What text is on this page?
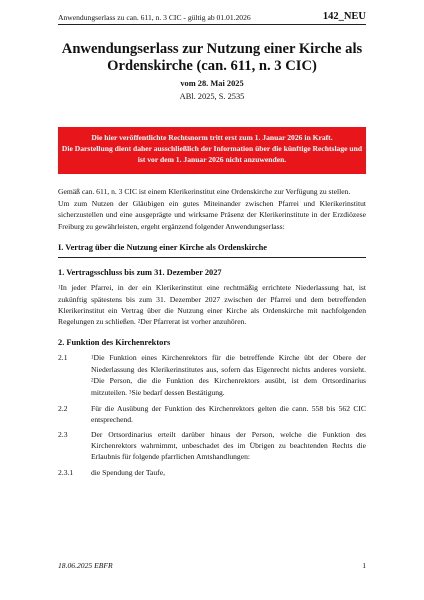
Anwendungserlass zu can. 611, n. 3 CIC - gültig ab 01.01.2026	142_NEU
Anwendungserlass zur Nutzung einer Kirche als
Ordenskirche (can. 611, n. 3 CIC)
vom 28. Mai 2025
ABl. 2025, S. 2535

Die hier veröffentlichte Rechtsnorm tritt erst zum 1. Januar 2026 in Kraft.

Die Darstellung dient daher ausschließlich der Information über die künftige Rechtslage und ist vor dem 1. Januar 2026 nicht anzuwenden.

Gemäß can. 611, n. 3 CIC ist einem Klerikerinstitut eine Ordenskirche zur Verfügung zu stellen.

Um zum Nutzen der Gläubigen ein gutes Miteinander zwischen Pfarrei und Klerikerinstitut sicherzustellen und eine ausgeprägte und wirksame Präsenz der Klerikerinstitute in der Erzdiözese Freiburg zu gewährleisten, ergeht ergänzend folgender Anwendungserlass:

I. Vertrag über die Nutzung einer Kirche als Ordenskirche
1. Vertragsschluss bis zum 31. Dezember 2027

$^1$In jeder Pfarrei, in der ein Klerikerinstitut eine rechtmäßig errichtete Niederlassung hat, ist zukünftig spätestens bis zum 31. Dezember 2027 zwischen der Pfarrei und dem betreffenden Klerikerinstitut ein Vertrag über die Nutzung einer Kirche als Ordenskirche mit nachfolgenden Regelungen zu schließen. $^2$Der Pfarrerat ist vorher anzuhören.

2. Funktion des Kirchenrektors
2.1	$^1$Die Funktion eines Kirchenrektors für die betreffende Kirche übt der Obere der Niederlassung des Klerikerinstitutes aus, sofern das Eigenrecht nichts anderes vorsieht. $^2$Die Person, die die Funktion des Kirchenrektors ausübt, ist dem Ortsordinarius mitzuteilen. $^3$Sie bedarf dessen Bestätigung.
2.2	Für die Ausübung der Funktion des Kirchenrektors gelten die cann. 558 bis 562 CIC entsprechend.
2.3	Der Ortsordinarius erteilt darüber hinaus der Person, welche die Funktion des Kirchenrektors wahrnimmt, unbeschadet des im Übrigen zu beachtenden Rechts die Erlaubnis für folgende pfarrlichen Amtshandlungen:
2.3.1	die Spendung der Taufe,
18.06.2025 EBFR	1
